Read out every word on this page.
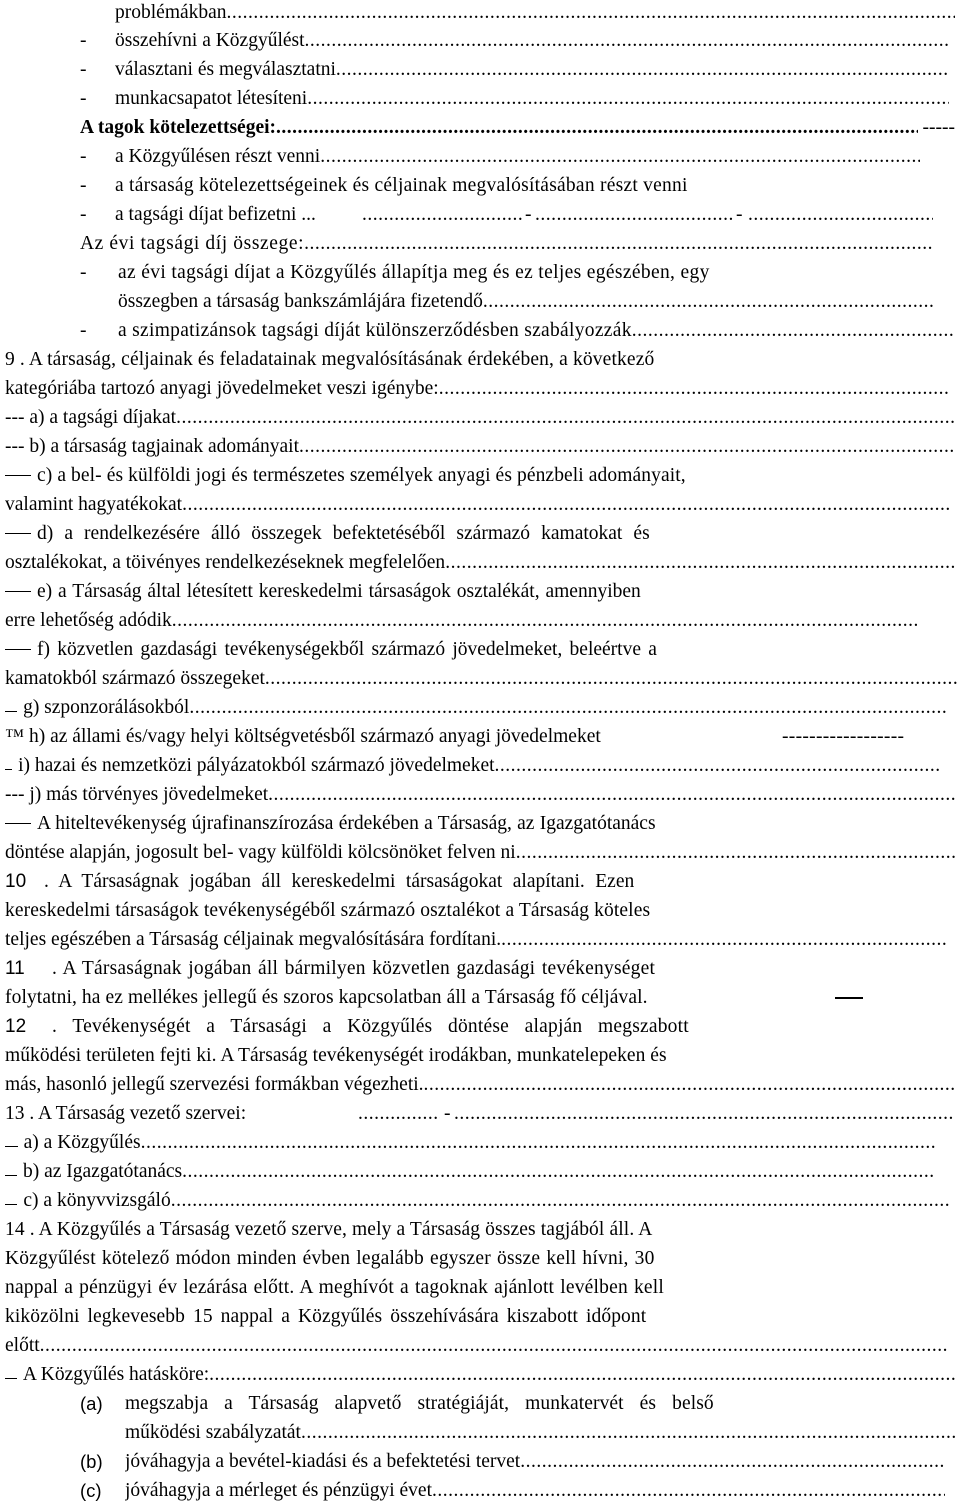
problémákban
.....
- összehívni a Közgyűlést
.....
- választani és megválasztatni
.....
- munkacsapatot létesíteni
.....
A tagok kötelezettségei: .....	-----
- a Közgyűlésen részt venni
.....
- a társaság kötelezettségeinek és céljainak megvalósításában részt venni
- a tagsági díjat befizetni ... .....	- .....	-
.....
Az évi tagsági díj összege:
.....
- az évi tagsági díjat a Közgyűlés állapítja meg és ez teljes egészében, egy
összegben a társaság bankszámlájára fizetendő
.....
- a szimpatizánsok tagsági díját különszerződésben szabályozzák
.....
9 . A társaság, céljainak és feladatainak megvalósításának érdekében, a következő
kategóriába tartozó anyagi jövedelmeket veszi igénybe:
.....
--- a) a tagsági díjakat
.....
--- b) a társaság tagjainak adományait
.....
c) a bel- és külföldi jogi és természetes személyek anyagi és pénzbeli adományait,
valamint hagyatékokat
.....
d) a rendelkezésére álló összegek befektetéséből származó kamatokat és
osztalékokat, a töivényes rendelkezéseknek megfelelően
.....
e) a Társaság által létesített kereskedelmi társaságok osztalékát, amennyiben
erre lehetőség adódik
.....
f) közvetlen gazdasági tevékenységekből származó jövedelmeket, beleértve a
kamatokból származó összegeket
.....
g) szponzorálásokból
.....
™ h) az állami és/vagy helyi költségvetésből származó anyagi jövedelmeket	------------------
i) hazai és nemzetközi pályázatokból származó jövedelmeket
.....
--- j) más törvényes jövedelmeket
.....
A hiteltevékenység újrafinanszírozása érdekében a Társaság, az Igazgatótanács
döntése alapján, jogosult bel- vagy külföldi kölcsönöket felven ni
.....
10 . A Társaságnak jogában áll kereskedelmi társaságokat alapítani. Ezen
kereskedelmi társaságok tevékenységéből származó osztalékot a Társaság köteles
teljes egészében a Társaság céljainak megvalósítására fordítani.
.....
11 . A Társaságnak jogában áll bármilyen közvetlen gazdasági tevékenységet
folytatni, ha ez mellékes jellegű és szoros kapcsolatban áll a Társaság fő céljával.
12 . Tevékenységét a Társasági a Közgyűlés döntése alapján megszabott
működési területen fejti ki. A Társaság tevékenységét irodákban, munkatelepeken és
más, hasonló jellegű szervezési formákban végezheti.
.....
13 . A Társaság vezető szervei: .....	-
.....
a) a Közgyűlés
.....
b) az Igazgatótanács
.....
c) a könyvvizsgáló
.....
14 . A Közgyűlés a Társaság vezető szerve, mely a Társaság összes tagjából áll. A
Közgyűlést kötelező módon minden évben legalább egyszer össze kell hívni, 30
nappal a pénzügyi év lezárása előtt. A meghívót a tagoknak ajánlott levélben kell
kiközölni legkevesebb 15 nappal a Közgyűlés összehívására kiszabott időpont
előtt
.....
A Közgyűlés hatásköre:
.....
(a) megszabja a Társaság alapvető stratégiáját, munkatervét és belső
működési szabályzatát
.....
(b) jóváhagyja a bevétel-kiadási és a befektetési tervet
.....
(c) jóváhagyja a mérleget és pénzügyi évet
.....
